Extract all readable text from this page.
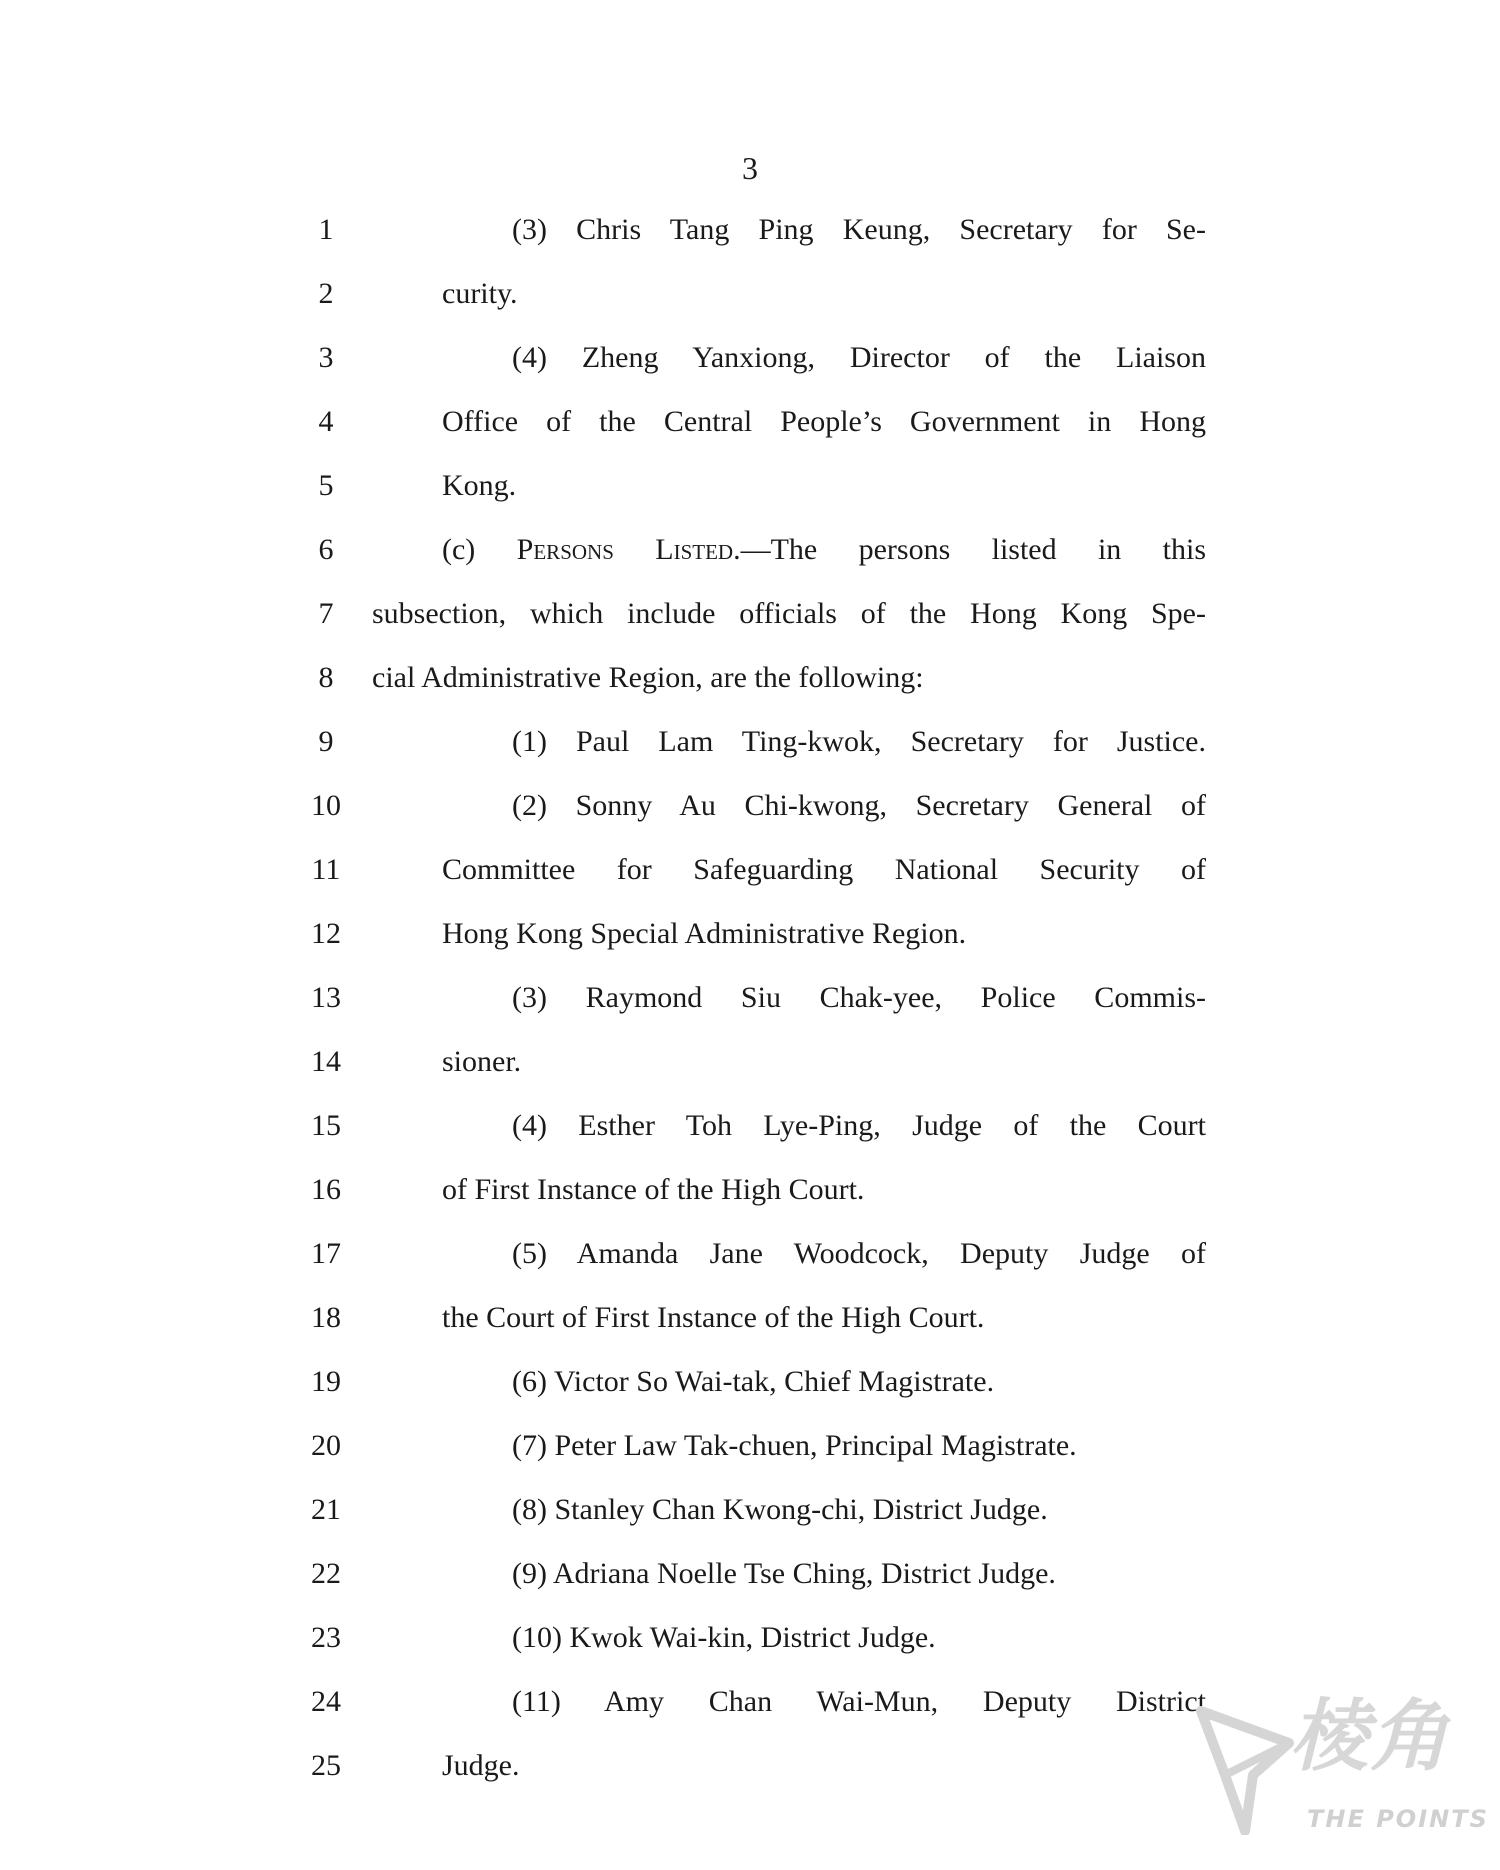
3
1	(3) Chris Tang Ping Keung, Secretary for Se-
2	curity.
3	(4) Zheng Yanxiong, Director of the Liaison
4	Office of the Central People’s Government in Hong
5	Kong.
6	(c) Persons Listed.—The persons listed in this
7	subsection, which include officials of the Hong Kong Spe-
8	cial Administrative Region, are the following:
9	(1) Paul Lam Ting-kwok, Secretary for Justice.
10	(2) Sonny Au Chi-kwong, Secretary General of
11	Committee for Safeguarding National Security of
12	Hong Kong Special Administrative Region.
13	(3) Raymond Siu Chak-yee, Police Commis-
14	sioner.
15	(4) Esther Toh Lye-Ping, Judge of the Court
16	of First Instance of the High Court.
17	(5) Amanda Jane Woodcock, Deputy Judge of
18	the Court of First Instance of the High Court.
19	(6) Victor So Wai-tak, Chief Magistrate.
20	(7) Peter Law Tak-chuen, Principal Magistrate.
21	(8) Stanley Chan Kwong-chi, District Judge.
22	(9) Adriana Noelle Tse Ching, District Judge.
23	(10) Kwok Wai-kin, District Judge.
24	(11) Amy Chan Wai-Mun, Deputy District
25	Judge.	棱角
THE POINTS
